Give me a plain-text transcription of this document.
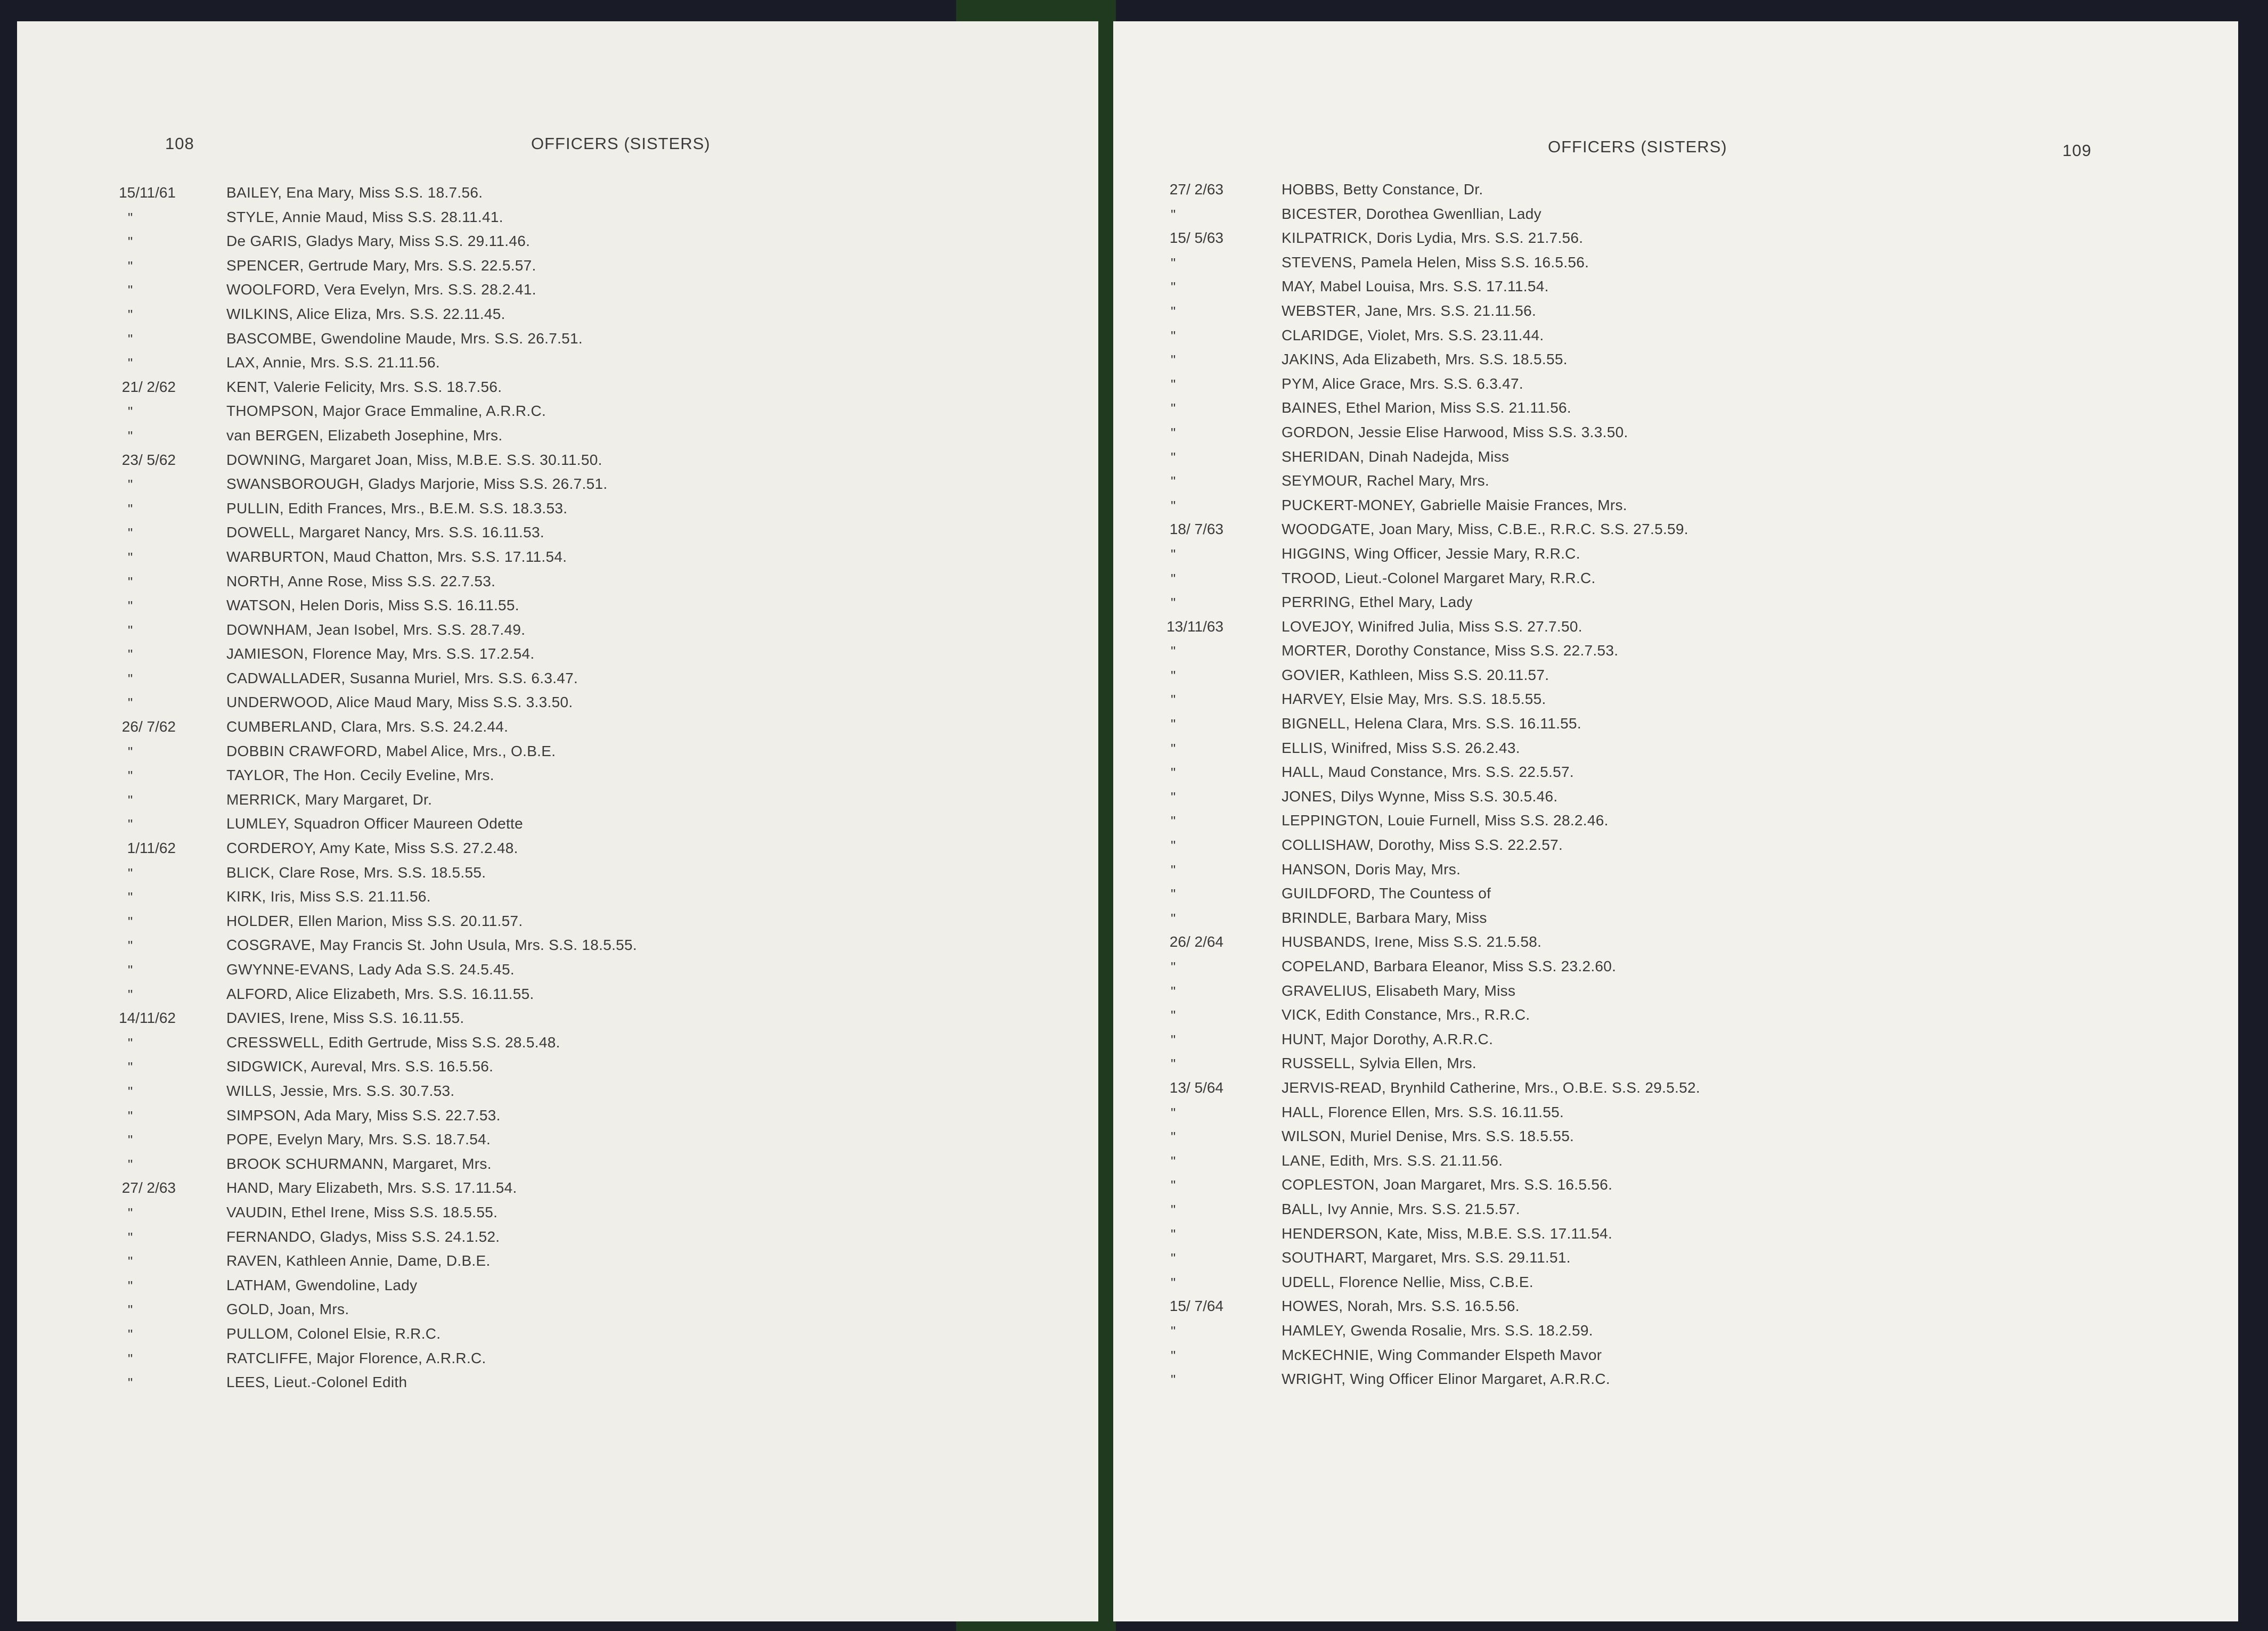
108	OFFICERS (SISTERS)
15/11/61	BAILEY, Ena Mary, Miss S.S. 18.7.56.
"	STYLE, Annie Maud, Miss S.S. 28.11.41.
"	De GARIS, Gladys Mary, Miss S.S. 29.11.46.
"	SPENCER, Gertrude Mary, Mrs. S.S. 22.5.57.
"	WOOLFORD, Vera Evelyn, Mrs. S.S. 28.2.41.
"	WILKINS, Alice Eliza, Mrs. S.S. 22.11.45.
"	BASCOMBE, Gwendoline Maude, Mrs. S.S. 26.7.51.
"	LAX, Annie, Mrs. S.S. 21.11.56.
21/ 2/62	KENT, Valerie Felicity, Mrs. S.S. 18.7.56.
"	THOMPSON, Major Grace Emmaline, A.R.R.C.
"	van BERGEN, Elizabeth Josephine, Mrs.
23/ 5/62	DOWNING, Margaret Joan, Miss, M.B.E. S.S. 30.11.50.
"	SWANSBOROUGH, Gladys Marjorie, Miss S.S. 26.7.51.
"	PULLIN, Edith Frances, Mrs., B.E.M. S.S. 18.3.53.
"	DOWELL, Margaret Nancy, Mrs. S.S. 16.11.53.
"	WARBURTON, Maud Chatton, Mrs. S.S. 17.11.54.
"	NORTH, Anne Rose, Miss S.S. 22.7.53.
"	WATSON, Helen Doris, Miss S.S. 16.11.55.
"	DOWNHAM, Jean Isobel, Mrs. S.S. 28.7.49.
"	JAMIESON, Florence May, Mrs. S.S. 17.2.54.
"	CADWALLADER, Susanna Muriel, Mrs. S.S. 6.3.47.
"	UNDERWOOD, Alice Maud Mary, Miss S.S. 3.3.50.
26/ 7/62	CUMBERLAND, Clara, Mrs. S.S. 24.2.44.
"	DOBBIN CRAWFORD, Mabel Alice, Mrs., O.B.E.
"	TAYLOR, The Hon. Cecily Eveline, Mrs.
"	MERRICK, Mary Margaret, Dr.
"	LUMLEY, Squadron Officer Maureen Odette
1/11/62	CORDEROY, Amy Kate, Miss S.S. 27.2.48.
"	BLICK, Clare Rose, Mrs. S.S. 18.5.55.
"	KIRK, Iris, Miss S.S. 21.11.56.
"	HOLDER, Ellen Marion, Miss S.S. 20.11.57.
"	COSGRAVE, May Francis St. John Usula, Mrs. S.S. 18.5.55.
"	GWYNNE-EVANS, Lady Ada S.S. 24.5.45.
"	ALFORD, Alice Elizabeth, Mrs. S.S. 16.11.55.
14/11/62	DAVIES, Irene, Miss S.S. 16.11.55.
"	CRESSWELL, Edith Gertrude, Miss S.S. 28.5.48.
"	SIDGWICK, Aureval, Mrs. S.S. 16.5.56.
"	WILLS, Jessie, Mrs. S.S. 30.7.53.
"	SIMPSON, Ada Mary, Miss S.S. 22.7.53.
"	POPE, Evelyn Mary, Mrs. S.S. 18.7.54.
"	BROOK SCHURMANN, Margaret, Mrs.
27/ 2/63	HAND, Mary Elizabeth, Mrs. S.S. 17.11.54.
"	VAUDIN, Ethel Irene, Miss S.S. 18.5.55.
"	FERNANDO, Gladys, Miss S.S. 24.1.52.
"	RAVEN, Kathleen Annie, Dame, D.B.E.
"	LATHAM, Gwendoline, Lady
"	GOLD, Joan, Mrs.
"	PULLOM, Colonel Elsie, R.R.C.
"	RATCLIFFE, Major Florence, A.R.R.C.
"	LEES, Lieut.-Colonel Edith
OFFICERS (SISTERS)	109
27/ 2/63	HOBBS, Betty Constance, Dr.
"	BICESTER, Dorothea Gwenllian, Lady
15/ 5/63	KILPATRICK, Doris Lydia, Mrs. S.S. 21.7.56.
"	STEVENS, Pamela Helen, Miss S.S. 16.5.56.
"	MAY, Mabel Louisa, Mrs. S.S. 17.11.54.
"	WEBSTER, Jane, Mrs. S.S. 21.11.56.
"	CLARIDGE, Violet, Mrs. S.S. 23.11.44.
"	JAKINS, Ada Elizabeth, Mrs. S.S. 18.5.55.
"	PYM, Alice Grace, Mrs. S.S. 6.3.47.
"	BAINES, Ethel Marion, Miss S.S. 21.11.56.
"	GORDON, Jessie Elise Harwood, Miss S.S. 3.3.50.
"	SHERIDAN, Dinah Nadejda, Miss
"	SEYMOUR, Rachel Mary, Mrs.
"	PUCKERT-MONEY, Gabrielle Maisie Frances, Mrs.
18/ 7/63	WOODGATE, Joan Mary, Miss, C.B.E., R.R.C. S.S. 27.5.59.
"	HIGGINS, Wing Officer, Jessie Mary, R.R.C.
"	TROOD, Lieut.-Colonel Margaret Mary, R.R.C.
"	PERRING, Ethel Mary, Lady
13/11/63	LOVEJOY, Winifred Julia, Miss S.S. 27.7.50.
"	MORTER, Dorothy Constance, Miss S.S. 22.7.53.
"	GOVIER, Kathleen, Miss S.S. 20.11.57.
"	HARVEY, Elsie May, Mrs. S.S. 18.5.55.
"	BIGNELL, Helena Clara, Mrs. S.S. 16.11.55.
"	ELLIS, Winifred, Miss S.S. 26.2.43.
"	HALL, Maud Constance, Mrs. S.S. 22.5.57.
"	JONES, Dilys Wynne, Miss S.S. 30.5.46.
"	LEPPINGTON, Louie Furnell, Miss S.S. 28.2.46.
"	COLLISHAW, Dorothy, Miss S.S. 22.2.57.
"	HANSON, Doris May, Mrs.
"	GUILDFORD, The Countess of
"	BRINDLE, Barbara Mary, Miss
26/ 2/64	HUSBANDS, Irene, Miss S.S. 21.5.58.
"	COPELAND, Barbara Eleanor, Miss S.S. 23.2.60.
"	GRAVELIUS, Elisabeth Mary, Miss
"	VICK, Edith Constance, Mrs., R.R.C.
"	HUNT, Major Dorothy, A.R.R.C.
"	RUSSELL, Sylvia Ellen, Mrs.
13/ 5/64	JERVIS-READ, Brynhild Catherine, Mrs., O.B.E. S.S. 29.5.52.
"	HALL, Florence Ellen, Mrs. S.S. 16.11.55.
"	WILSON, Muriel Denise, Mrs. S.S. 18.5.55.
"	LANE, Edith, Mrs. S.S. 21.11.56.
"	COPLESTON, Joan Margaret, Mrs. S.S. 16.5.56.
"	BALL, Ivy Annie, Mrs. S.S. 21.5.57.
"	HENDERSON, Kate, Miss, M.B.E. S.S. 17.11.54.
"	SOUTHART, Margaret, Mrs. S.S. 29.11.51.
"	UDELL, Florence Nellie, Miss, C.B.E.
15/ 7/64	HOWES, Norah, Mrs. S.S. 16.5.56.
"	HAMLEY, Gwenda Rosalie, Mrs. S.S. 18.2.59.
"	McKECHNIE, Wing Commander Elspeth Mavor
"	WRIGHT, Wing Officer Elinor Margaret, A.R.R.C.
